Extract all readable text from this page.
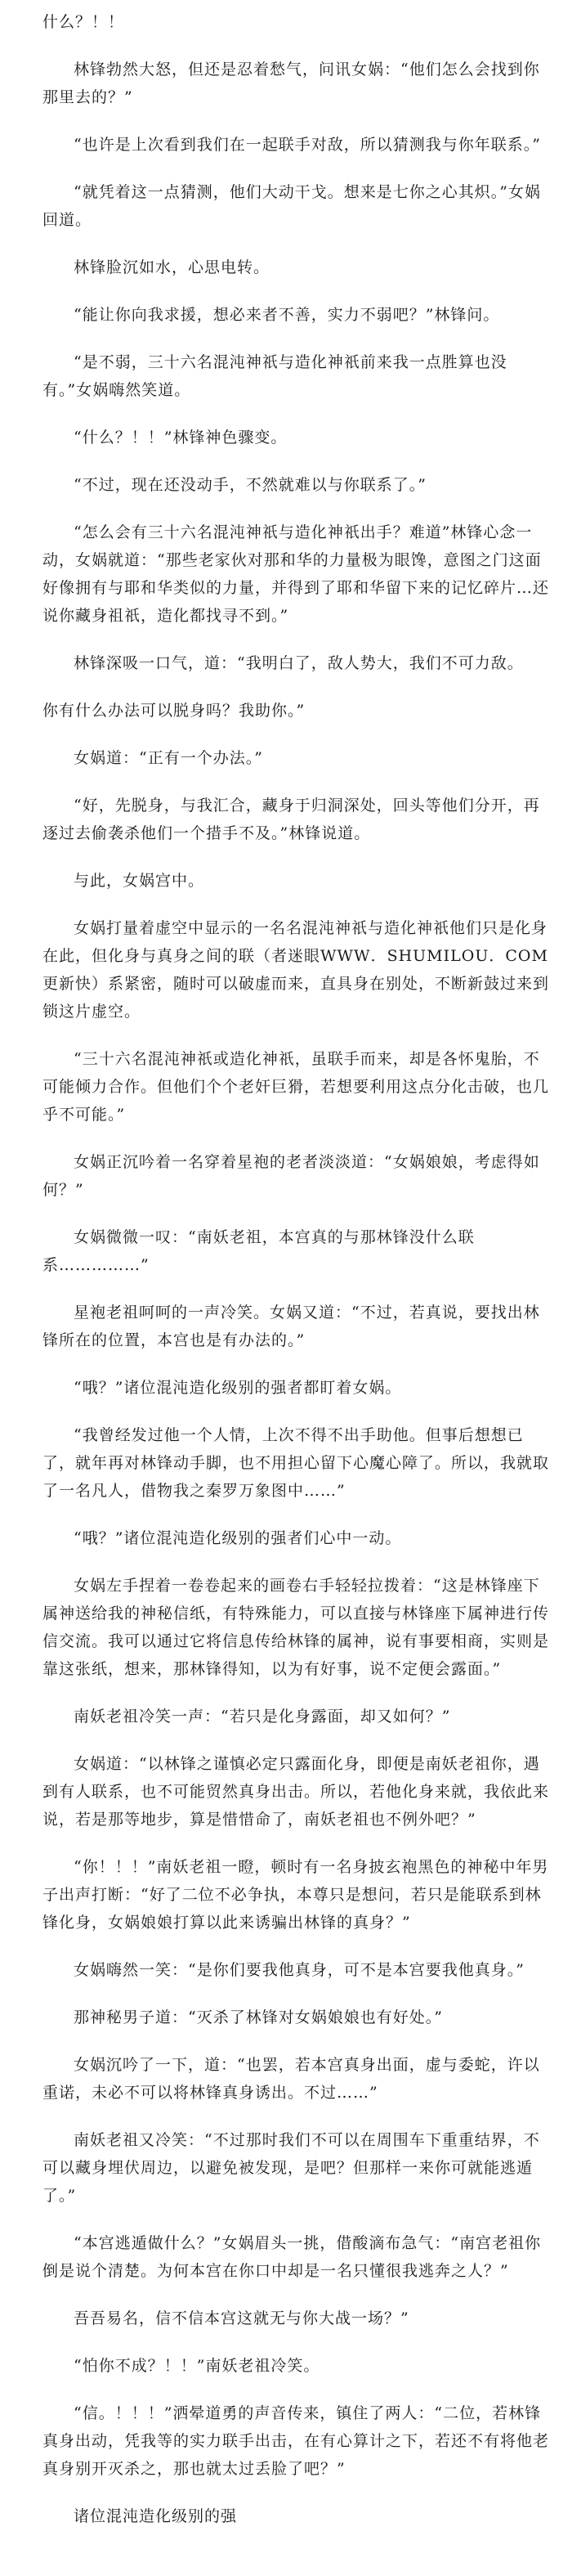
什么？！！

林锋勃然大怒，但还是忍着愁气，问讯女娲：“他们怎么会找到你那里去的？”

“也许是上次看到我们在一起联手对敌，所以猜测我与你年联系。”

“就凭着这一点猜测，他们大动干戈。想来是七你之心其炽。”女娲回道。

林锋脸沉如水，心思电转。

“能让你向我求援，想必来者不善，实力不弱吧？”林锋问。

“是不弱，三十六名混沌神祇与造化神祇前来我一点胜算也没有。”女娲嗨然笑道。

“什么？！！”林锋神色骤变。

“不过，现在还没动手，不然就难以与你联系了。”

“怎么会有三十六名混沌神祇与造化神祇出手？难道”林锋心念一动，女娲就道：“那些老家伙对那和华的力量极为眼馋，意图之门这面好像拥有与耶和华类似的力量，并得到了耶和华留下来的记忆碎片…还说你藏身祖祇，造化都找寻不到。”

林锋深吸一口气，道：“我明白了，敌人势大，我们不可力敌。

你有什么办法可以脱身吗？我助你。”

女娲道：“正有一个办法。”

“好，先脱身，与我汇合，藏身于归洞深处，回头等他们分开，再逐过去偷袭杀他们一个措手不及。”林锋说道。

与此，女娲宫中。

女娲打量着虚空中显示的一名名混沌神祇与造化神祇他们只是化身在此，但化身与真身之间的联（者迷眼WWW．SHUMILOU．COM更新快）系紧密，随时可以破虚而来，直具身在别处，不断新鼓过来到锁这片虚空。

“三十六名混沌神祇或造化神祇，虽联手而来，却是各怀鬼胎，不可能倾力合作。但他们个个老奸巨猾，若想要利用这点分化击破，也几乎不可能。”

女娲正沉吟着一名穿着星袍的老者淡淡道：“女娲娘娘，考虑得如何？”

女娲微微一叹：“南妖老祖，本宫真的与那林锋没什么联系……………”

星袍老祖呵呵的一声冷笑。女娲又道：“不过，若真说，要找出林锋所在的位置，本宫也是有办法的。”

“哦？”诸位混沌造化级别的强者都盯着女娲。

“我曾经发过他一个人情，上次不得不出手助他。但事后想想已了，就年再对林锋动手脚，也不用担心留下心魔心障了。所以，我就取了一名凡人，借物我之秦罗万象图中……”

“哦？”诸位混沌造化级别的强者们心中一动。

女娲左手捏着一卷卷起来的画卷右手轻轻拉拨着：“这是林锋座下属神送给我的神秘信纸，有特殊能力，可以直接与林锋座下属神进行传信交流。我可以通过它将信息传给林锋的属神，说有事要相商，实则是靠这张纸，想来，那林锋得知，以为有好事，说不定便会露面。”

南妖老祖冷笑一声：“若只是化身露面，却又如何？”

女娲道：“以林锋之谨慎必定只露面化身，即便是南妖老祖你，遇到有人联系，也不可能贸然真身出击。所以，若他化身来就，我依此来说，若是那等地步，算是惜惜命了，南妖老祖也不例外吧？”

“你！！！”南妖老祖一瞪，顿时有一名身披玄袍黑色的神秘中年男子出声打断：“好了二位不必争执，本尊只是想问，若只是能联系到林锋化身，女娲娘娘打算以此来诱骗出林锋的真身？”

女娲嗨然一笑：“是你们要我他真身，可不是本宫要我他真身。”

那神秘男子道：“灭杀了林锋对女娲娘娘也有好处。”

女娲沉吟了一下，道：“也罢，若本宫真身出面，虚与委蛇，许以重诺，未必不可以将林锋真身诱出。不过……”

南妖老祖又冷笑：“不过那时我们不可以在周围车下重重结界，不可以藏身埋伏周边，以避免被发现，是吧？但那样一来你可就能逃遁了。”

“本宫逃遁做什么？”女娲眉头一挑，借酸滴布急气：“南宫老祖你倒是说个清楚。为何本宫在你口中却是一名只懂很我逃奔之人？”

吾吾易名，信不信本宫这就无与你大战一场？”

“怕你不成？！！”南妖老祖冷笑。

“信。！！！”洒晕道勇的声音传来，镇住了两人：“二位，若林锋真身出动，凭我等的实力联手出击，在有心算计之下，若还不有将他老真身别开灭杀之，那也就太过丢脸了吧？”

诸位混沌造化级别的强
